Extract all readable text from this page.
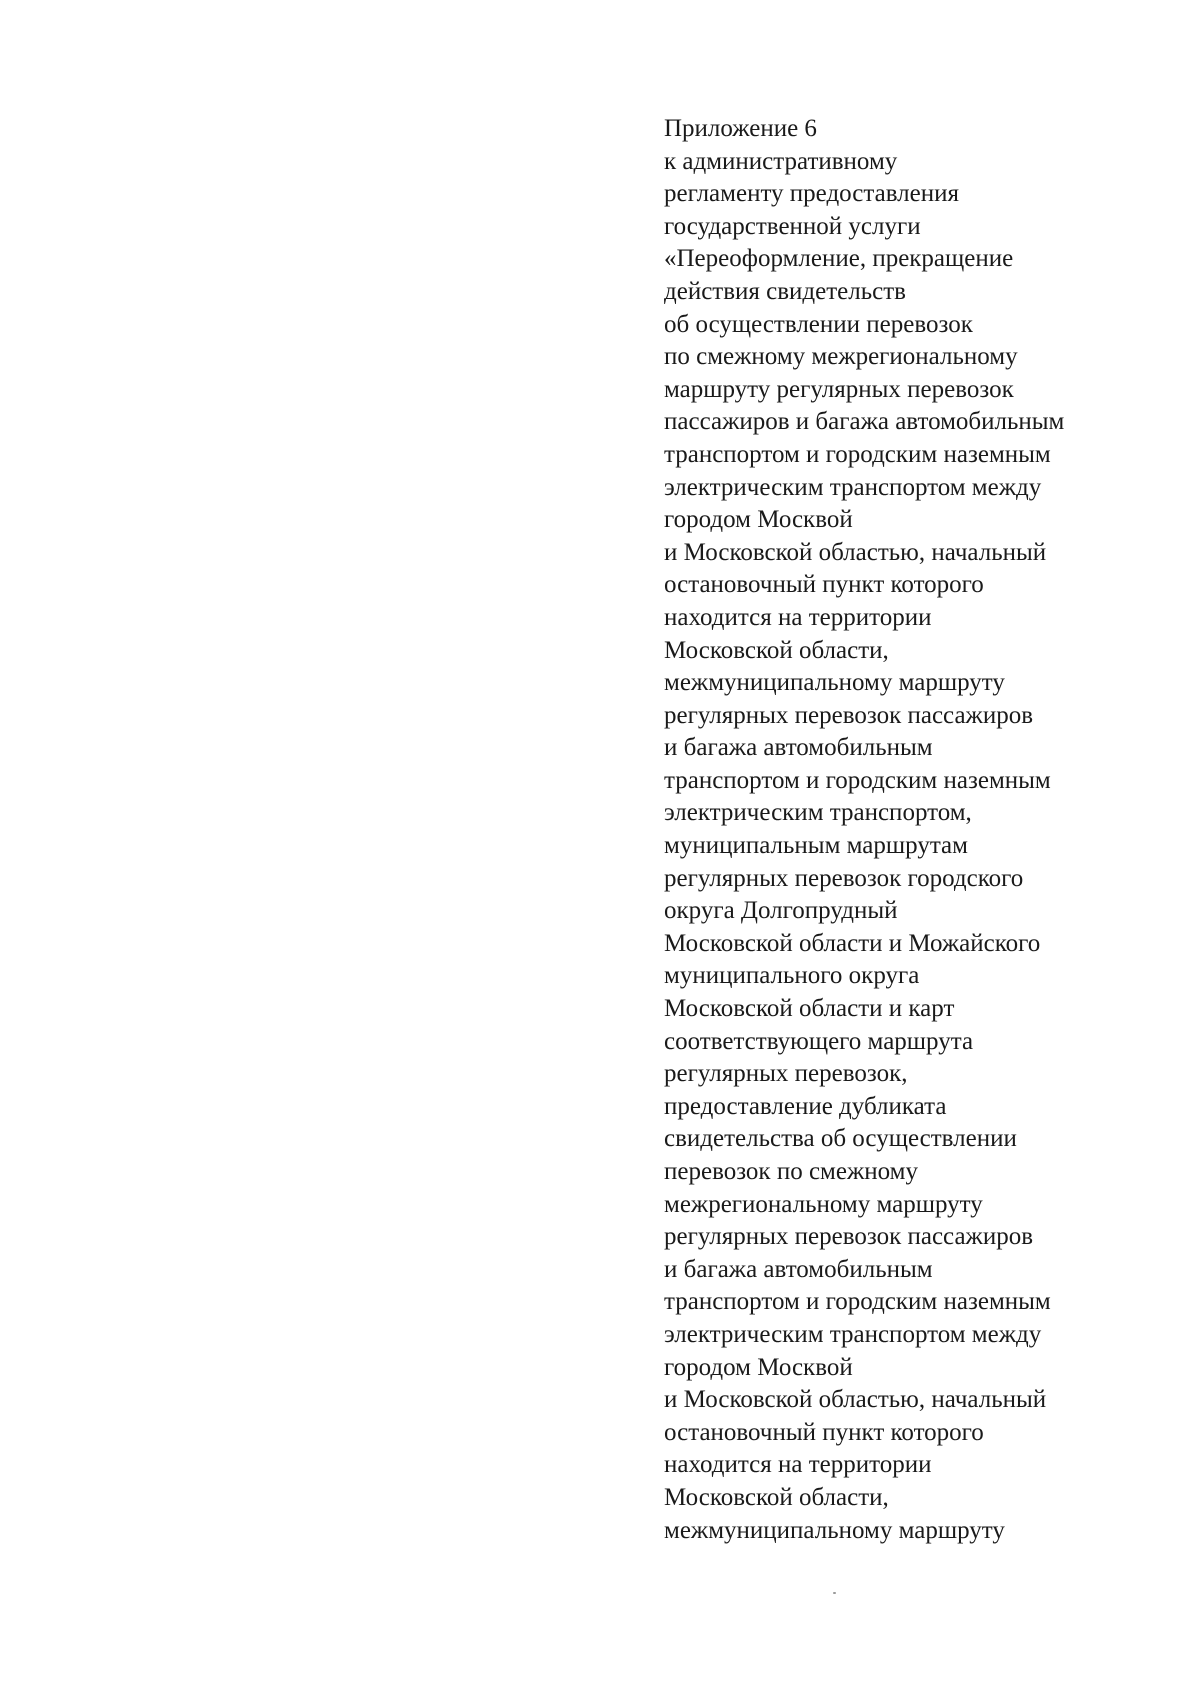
Приложение 6
к административному
регламенту предоставления
государственной услуги
«Переоформление, прекращение
действия свидетельств
об осуществлении перевозок
по смежному межрегиональному
маршруту регулярных перевозок
пассажиров и багажа автомобильным
транспортом и городским наземным
электрическим транспортом между
городом Москвой
и Московской областью, начальный
остановочный пункт которого
находится на территории
Московской области,
межмуниципальному маршруту
регулярных перевозок пассажиров
и багажа автомобильным
транспортом и городским наземным
электрическим транспортом,
муниципальным маршрутам
регулярных перевозок городского
округа Долгопрудный
Московской области и Можайского
муниципального округа
Московской области и карт
соответствующего маршрута
регулярных перевозок,
предоставление дубликата
свидетельства об осуществлении
перевозок по смежному
межрегиональному маршруту
регулярных перевозок пассажиров
и багажа автомобильным
транспортом и городским наземным
электрическим транспортом между
городом Москвой
и Московской областью, начальный
остановочный пункт которого
находится на территории
Московской области,
межмуниципальному маршруту
